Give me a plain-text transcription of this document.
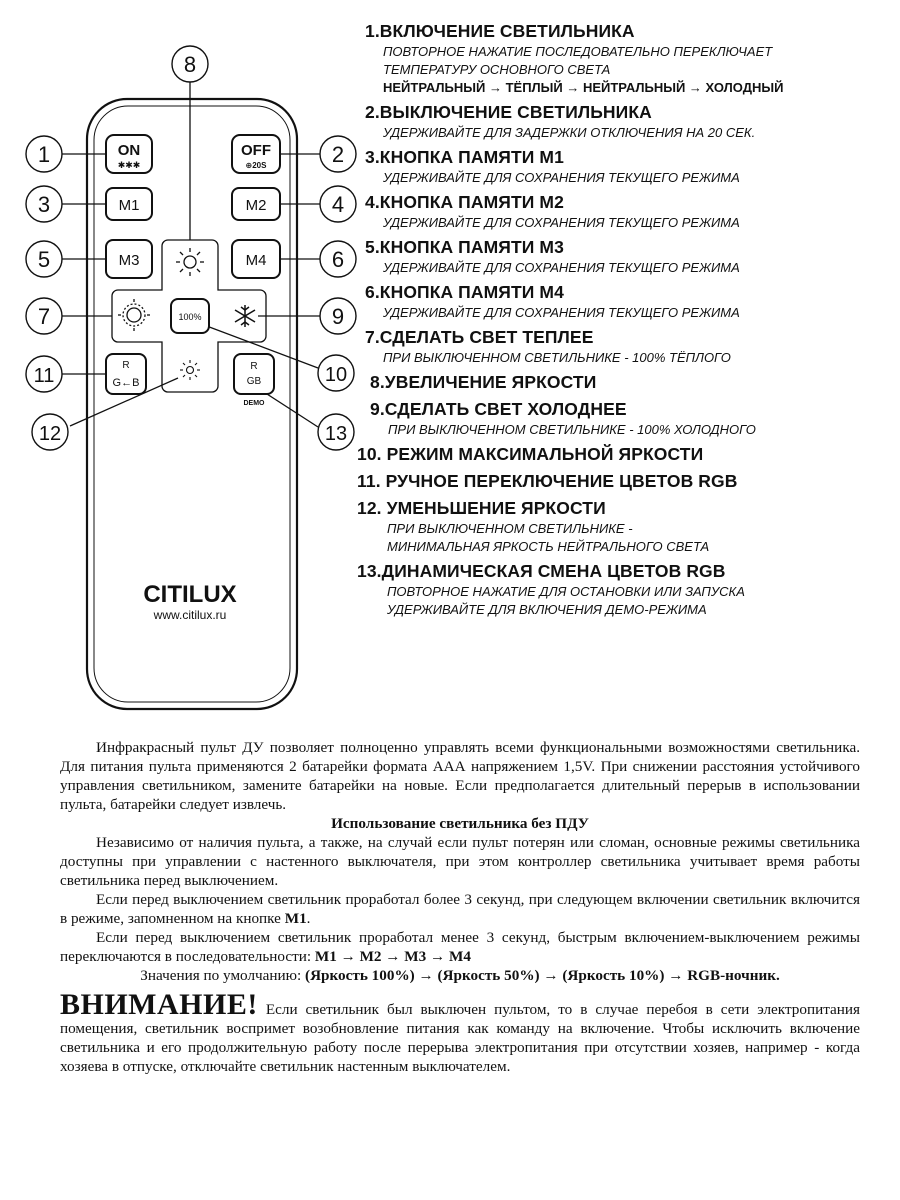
1	2
3	4
5	6
7	9
8
10
11
12	13
ON
✱✱✱
OFF
⊕20S
M1	M2
M3	M4
100%
R
G←B
R
GB
DEMO
CITILUX
www.citilux.ru
1.ВКЛЮЧЕНИЕ СВЕТИЛЬНИКА
ПОВТОРНОЕ НАЖАТИЕ ПОСЛЕДОВАТЕЛЬНО ПЕРЕКЛЮЧАЕТ
ТЕМПЕРАТУРУ ОСНОВНОГО СВЕТА
НЕЙТРАЛЬНЫЙ → ТЁПЛЫЙ → НЕЙТРАЛЬНЫЙ → ХОЛОДНЫЙ
2.ВЫКЛЮЧЕНИЕ СВЕТИЛЬНИКА
УДЕРЖИВАЙТЕ ДЛЯ ЗАДЕРЖКИ ОТКЛЮЧЕНИЯ НА 20 СЕК.
3.КНОПКА ПАМЯТИ М1
УДЕРЖИВАЙТЕ ДЛЯ СОХРАНЕНИЯ ТЕКУЩЕГО РЕЖИМА
4.КНОПКА ПАМЯТИ М2
УДЕРЖИВАЙТЕ ДЛЯ СОХРАНЕНИЯ ТЕКУЩЕГО РЕЖИМА
5.КНОПКА ПАМЯТИ М3
УДЕРЖИВАЙТЕ ДЛЯ СОХРАНЕНИЯ ТЕКУЩЕГО РЕЖИМА
6.КНОПКА ПАМЯТИ М4
УДЕРЖИВАЙТЕ ДЛЯ СОХРАНЕНИЯ ТЕКУЩЕГО РЕЖИМА
7.СДЕЛАТЬ СВЕТ ТЕПЛЕЕ
ПРИ ВЫКЛЮЧЕННОМ СВЕТИЛЬНИКЕ - 100% ТЁПЛОГО
8.УВЕЛИЧЕНИЕ ЯРКОСТИ
9.СДЕЛАТЬ СВЕТ ХОЛОДНЕЕ
ПРИ ВЫКЛЮЧЕННОМ СВЕТИЛЬНИКЕ - 100% ХОЛОДНОГО
10. РЕЖИМ МАКСИМАЛЬНОЙ ЯРКОСТИ
11. РУЧНОЕ ПЕРЕКЛЮЧЕНИЕ ЦВЕТОВ RGB
12. УМЕНЬШЕНИЕ ЯРКОСТИ
ПРИ ВЫКЛЮЧЕННОМ СВЕТИЛЬНИКЕ -
МИНИМАЛЬНАЯ ЯРКОСТЬ НЕЙТРАЛЬНОГО СВЕТА
13.ДИНАМИЧЕСКАЯ СМЕНА ЦВЕТОВ RGB
ПОВТОРНОЕ НАЖАТИЕ ДЛЯ ОСТАНОВКИ ИЛИ ЗАПУСКА
УДЕРЖИВАЙТЕ ДЛЯ ВКЛЮЧЕНИЯ ДЕМО-РЕЖИМА

Инфракрасный пульт ДУ позволяет полноценно управлять всеми функциональными возможностями светильника. Для питания пульта применяются 2 батарейки формата ААА напряжением 1,5V. При снижении расстояния устойчивого управления светильником, замените батарейки на новые. Если предполагается длительный перерыв в использовании пульта, батарейки следует извлечь.

Использование светильника без ПДУ

Независимо от наличия пульта, а также, на случай если пульт потерян или сломан, основные режимы светильника доступны при управлении с настенного выключателя, при этом контроллер светильника учитывает время работы светильника перед выключением.

Если перед выключением светильник проработал более 3 секунд, при следующем включении светильник включится в режиме, запомненном на кнопке М1.

Если перед выключением светильник проработал менее 3 секунд, быстрым включением-выключением режимы переключаются в последовательности: М1 → М2 → М3 → М4

Значения по умолчанию: (Яркость 100%) → (Яркость 50%) → (Яркость 10%) → RGB-ночник.

ВНИМАНИЕ! Если светильник был выключен пультом, то в случае перебоя в сети электропитания помещения, светильник воспримет возобновление питания как команду на включение. Чтобы исключить включение светильника и его продолжительную работу после перерыва электропитания при отсутствии хозяев, например - когда хозяева в отпуске, отключайте светильник настенным выключателем.
